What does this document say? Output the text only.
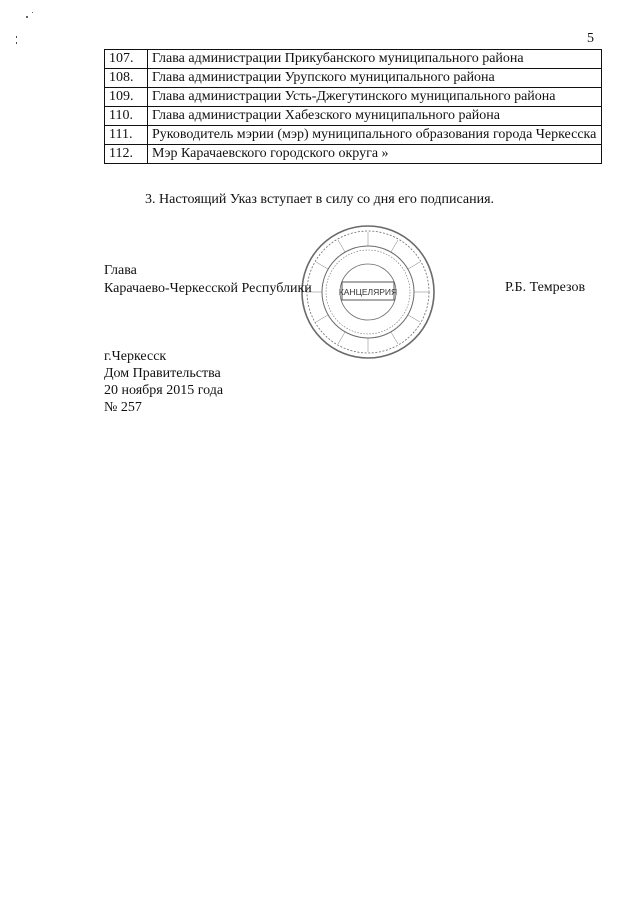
5
107.	Глава администрации Прикубанского муниципального района
108.	Глава администрации Урупского муниципального района
109.	Глава администрации Усть-Джегутинского муниципального района
110.	Глава администрации Хабезского муниципального района
111.	Руководитель мэрии (мэр) муниципального образования города Черкесска
112.	Мэр Карачаевского городского округа »
3. Настоящий Указ вступает в силу со дня его подписания.
КАНЦЕЛЯРИЯ
Глава
Карачаево-Черкесской Республики	Р.Б. Темрезов
г.Черкесск
Дом Правительства
20 ноября 2015 года
№ 257
